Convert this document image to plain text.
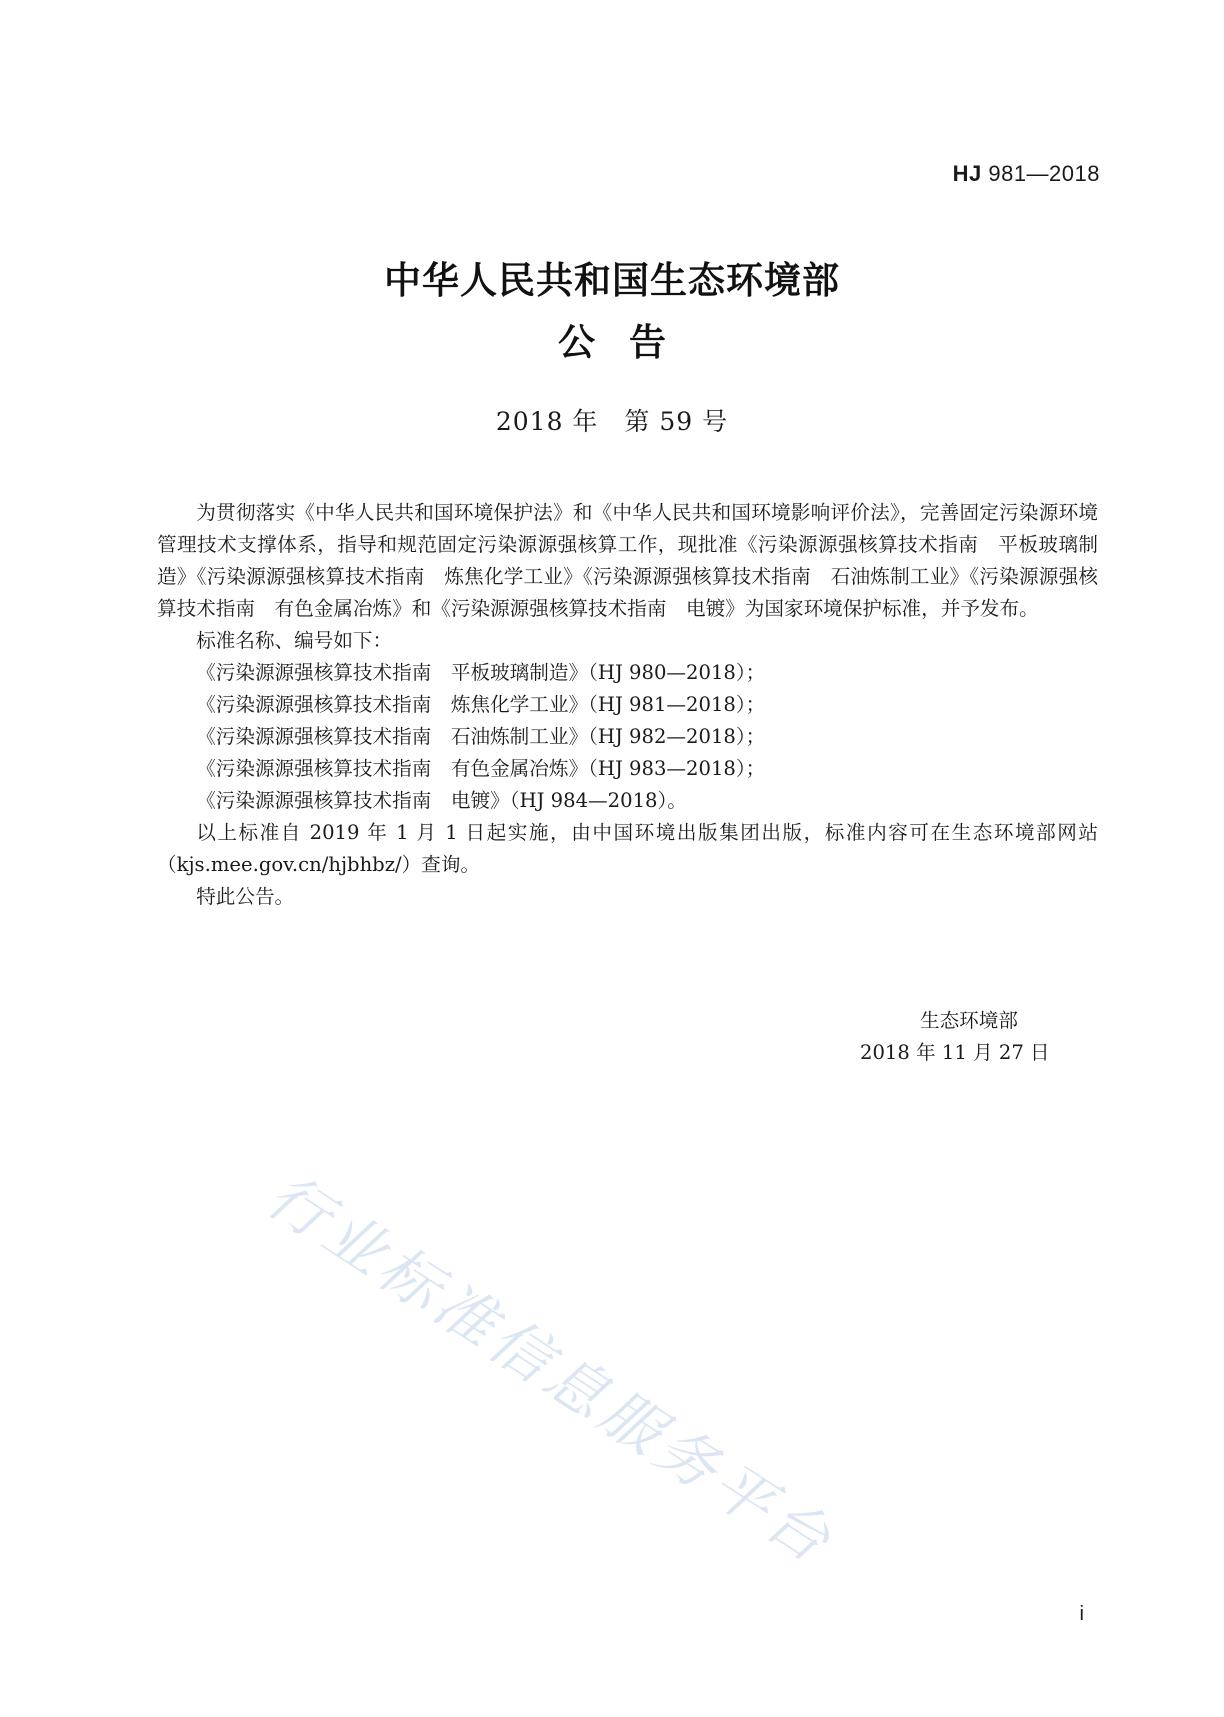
HJ 981—2018
中华人民共和国生态环境部
公告
2018 年　第 59 号

为贯彻落实《中华人民共和国环境保护法》和《中华人民共和国环境影响评价法》，完善固定污染源环境管理技术支撑体系，指导和规范固定污染源源强核算工作，现批准《污染源源强核算技术指南　平板玻璃制造》《污染源源强核算技术指南　炼焦化学工业》《污染源源强核算技术指南　石油炼制工业》《污染源源强核算技术指南　有色金属冶炼》和《污染源源强核算技术指南　电镀》为国家环境保护标准，并予发布。

标准名称、编号如下：

《污染源源强核算技术指南　平板玻璃制造》（HJ 980—2018）；
《污染源源强核算技术指南　炼焦化学工业》（HJ 981—2018）；
《污染源源强核算技术指南　石油炼制工业》（HJ 982—2018）；
《污染源源强核算技术指南　有色金属冶炼》（HJ 983—2018）；
《污染源源强核算技术指南　电镀》（HJ 984—2018）。

以上标准自 2019 年 1 月 1 日起实施，由中国环境出版集团出版，标准内容可在生态环境部网站（kjs.mee.gov.cn/hjbhbz/）查询。

特此公告。

生态环境部
2018 年 11 月 27 日
行业标准信息服务平台
i
